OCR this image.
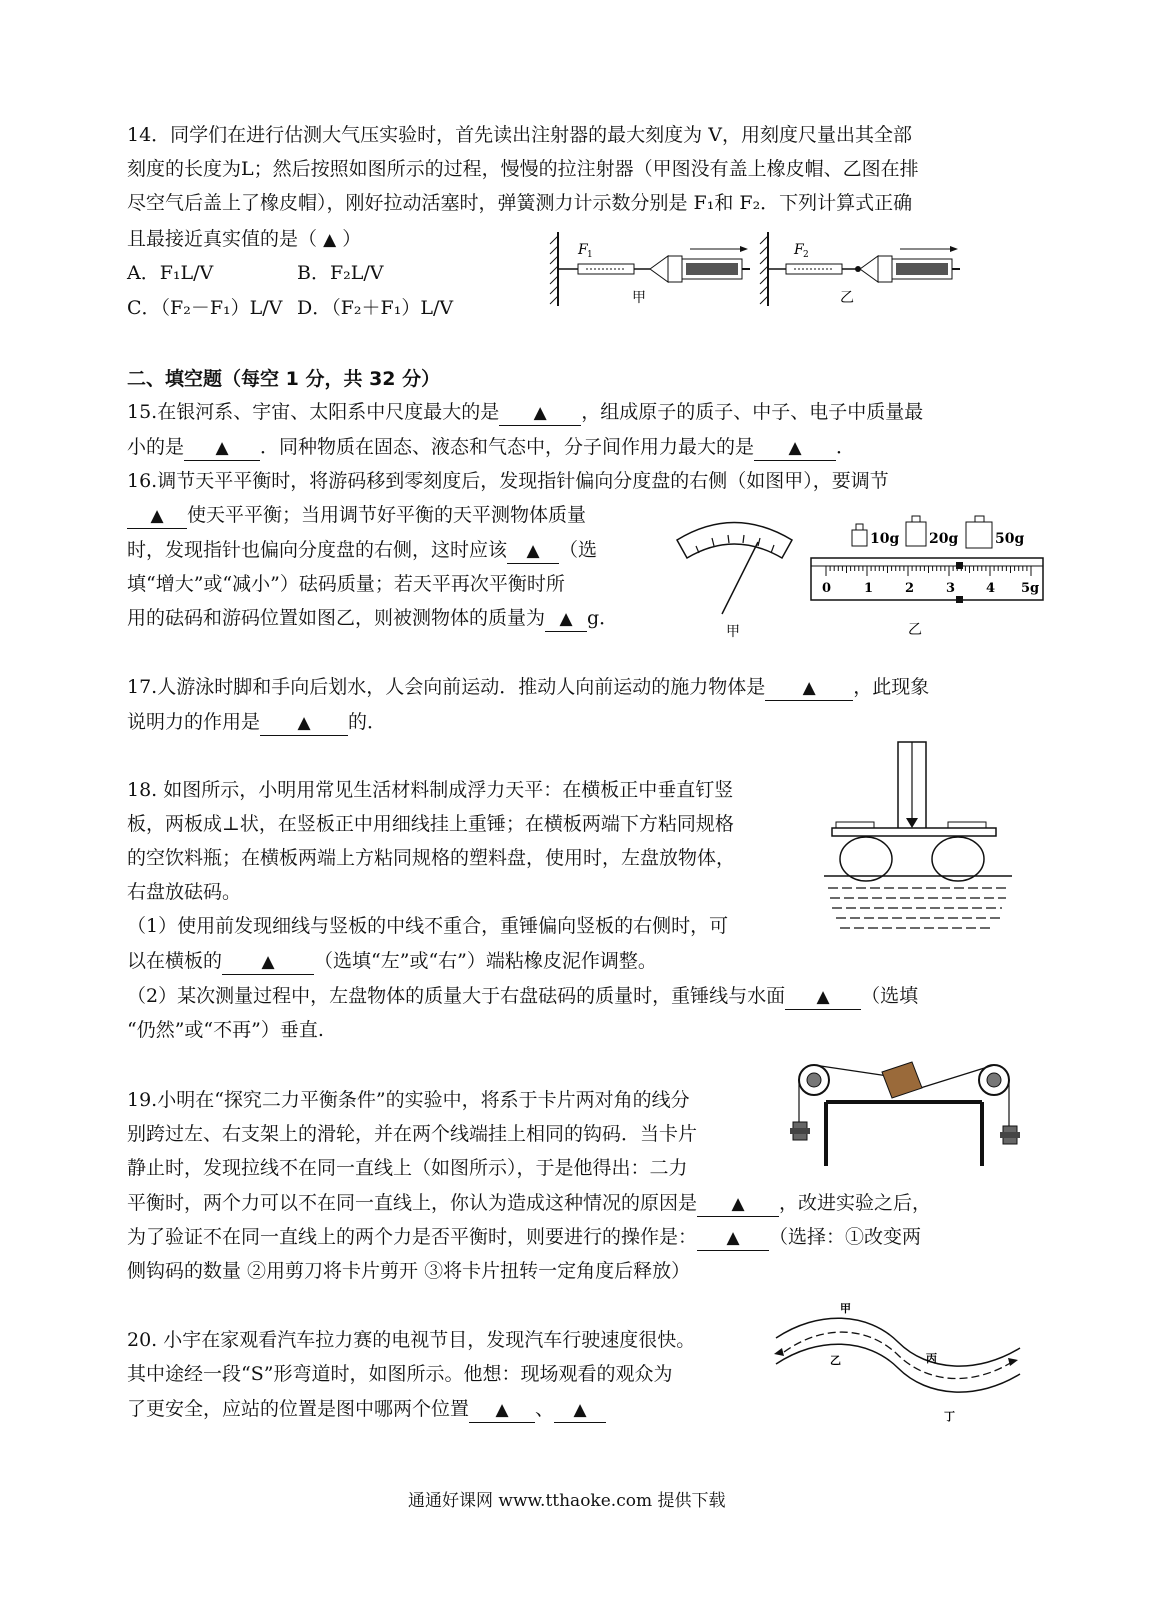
14．同学们在进行估测大气压实验时，首先读出注射器的最大刻度为 V，用刻度尺量出其全部
刻度的长度为L；然后按照如图所示的过程，慢慢的拉注射器（甲图没有盖上橡皮帽、乙图在排
尽空气后盖上了橡皮帽），刚好拉动活塞时，弹簧测力计示数分别是 F₁和 F₂．下列计算式正确
且最接近真实值的是（ ▲ ）
A．F₁L/V	B．F₂L/V
C．（F₂－F₁）L/V D．（F₂＋F₁）L/V
F 1	F 2
甲	乙
二、填空题（每空 1 分，共 32 分）
15.在银河系、宇宙、太阳系中尺度最大的是 ▲ ，组成原子的质子、中子、电子中质量最
小的是 ▲ ．同种物质在固态、液态和气态中，分子间作用力最大的是 ▲ ．
16.调节天平平衡时，将游码移到零刻度后，发现指针偏向分度盘的右侧（如图甲），要调节
▲ 使天平平衡；当用调节好平衡的天平测物体质量
时，发现指针也偏向分度盘的右侧，这时应该 ▲ （选
填“增大”或“减小”）砝码质量；若天平再次平衡时所
用的砝码和游码位置如图乙，则被测物体的质量为 ▲ g．
甲
10g 20g	50g
0	1 2 3 4 5g
乙
17.人游泳时脚和手向后划水，人会向前运动．推动人向前运动的施力物体是 ▲ ，此现象
说明力的作用是 ▲ 的．
18. 如图所示，小明用常见生活材料制成浮力天平：在横板正中垂直钉竖
板，两板成⊥状，在竖板正中用细线挂上重锤；在横板两端下方粘同规格
的空饮料瓶；在横板两端上方粘同规格的塑料盘，使用时，左盘放物体，
右盘放砝码。
（1）使用前发现细线与竖板的中线不重合，重锤偏向竖板的右侧时，可
以在横板的 ▲ （选填“左”或“右”）端粘橡皮泥作调整。
（2）某次测量过程中，左盘物体的质量大于右盘砝码的质量时，重锤线与水面 ▲ （选填
“仍然”或“不再”）垂直.
19.小明在“探究二力平衡条件”的实验中，将系于卡片两对角的线分
别跨过左、右支架上的滑轮，并在两个线端挂上相同的钩码．当卡片
静止时，发现拉线不在同一直线上（如图所示），于是他得出：二力
平衡时，两个力可以不在同一直线上，你认为造成这种情况的原因是 ▲ ，改进实验之后，
为了验证不在同一直线上的两个力是否平衡时，则要进行的操作是： ▲ （选择：①改变两
侧钩码的数量 ②用剪刀将卡片剪开 ③将卡片扭转一定角度后释放）
20. 小宇在家观看汽车拉力赛的电视节目，发现汽车行驶速度很快。
其中途经一段“S”形弯道时，如图所示。他想：现场观看的观众为
了更安全，应站的位置是图中哪两个位置 ▲ 、 ▲
甲
乙	丙
丁
通通好课网 www.tthaoke.com 提供下载
